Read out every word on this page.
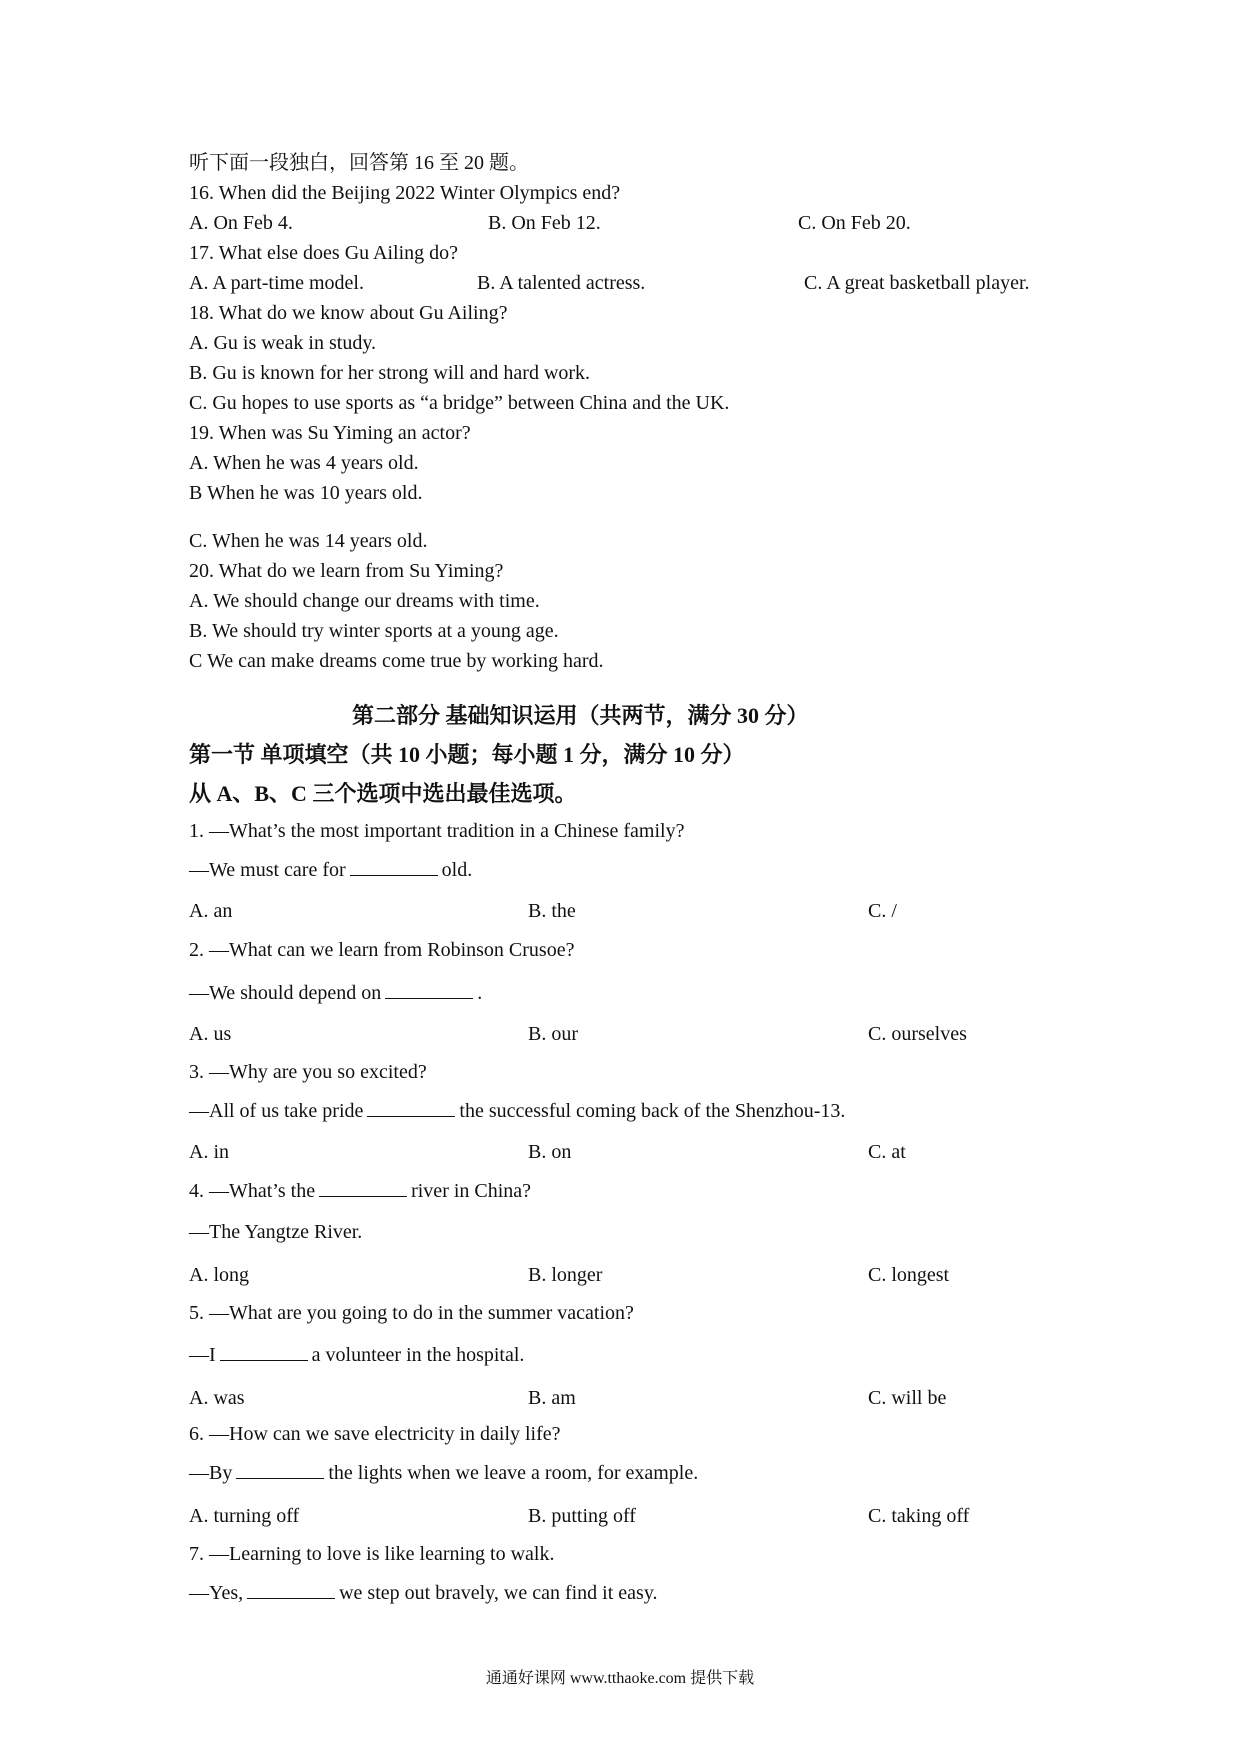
听下面一段独白，回答第 16 至 20 题。
16. When did the Beijing 2022 Winter Olympics end?
A. On Feb 4.	B. On Feb 12.	C. On Feb 20.
17. What else does Gu Ailing do?
A. A part-time model.	B. A talented actress.	C. A great basketball player.
18. What do we know about Gu Ailing?
A. Gu is weak in study.
B. Gu is known for her strong will and hard work.
C. Gu hopes to use sports as “a bridge” between China and the UK.
19. When was Su Yiming an actor?
A. When he was 4 years old.
B When he was 10 years old.
C. When he was 14 years old.
20. What do we learn from Su Yiming?
A. We should change our dreams with time.
B. We should try winter sports at a young age.
C We can make dreams come true by working hard.
第二部分 基础知识运用（共两节，满分 30 分）
第一节 单项填空（共 10 小题；每小题 1 分，满分 10 分）
从 A、B、C 三个选项中选出最佳选项。
1. —What’s the most important tradition in a Chinese family?
—We must care for	old.
A. an	B. the	C. /
2. —What can we learn from Robinson Crusoe?
—We should depend on	.
A. us	B. our	C. ourselves
3. —Why are you so excited?
—All of us take pride	the successful coming back of the Shenzhou-13.
A. in	B. on	C. at
4. —What’s the	river in China?
—The Yangtze River.
A. long	B. longer	C. longest
5. —What are you going to do in the summer vacation?
—I	a volunteer in the hospital.
A. was	B. am	C. will be
6. —How can we save electricity in daily life?
—By	the lights when we leave a room, for example.
A. turning off	B. putting off	C. taking off
7. —Learning to love is like learning to walk.
—Yes,	we step out bravely, we can find it easy.
通通好课网 www.tthaoke.com 提供下载
